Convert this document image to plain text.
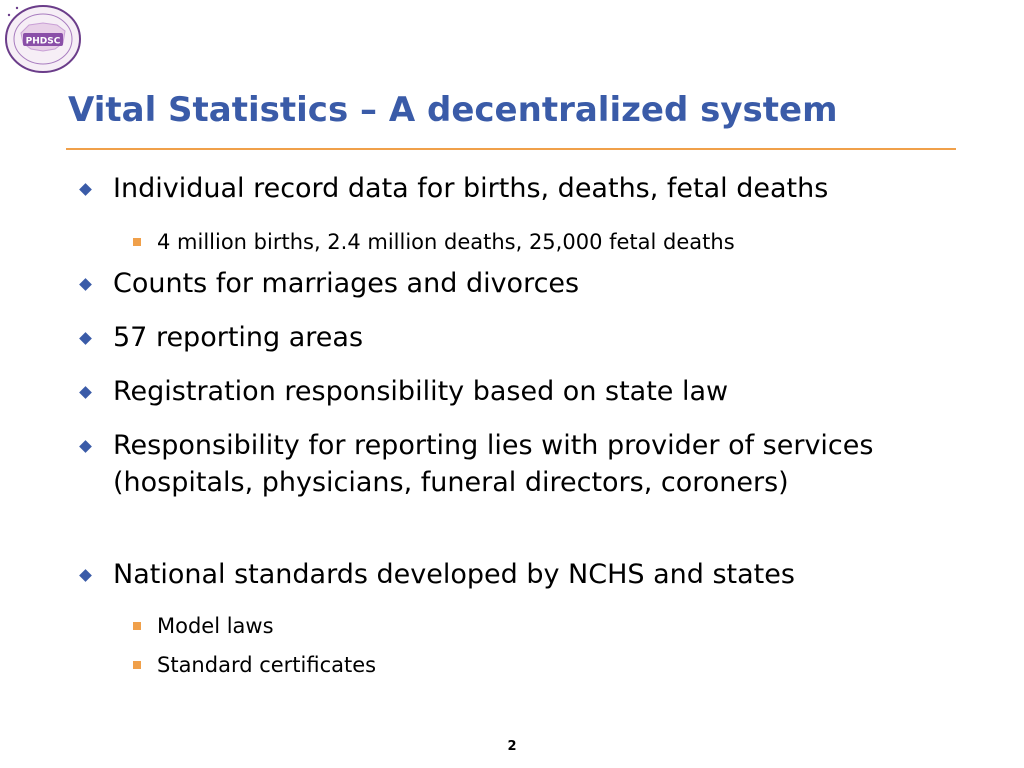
PHDSC
Vital Statistics – A decentralized system

Individual record data for births, deaths, fetal deaths

4 million births, 2.4 million deaths, 25,000 fetal deaths

Counts for marriages and divorces

57 reporting areas

Registration responsibility based on state law

Responsibility for reporting lies with provider of services (hospitals, physicians, funeral directors, coroners)

National standards developed by NCHS and states

Model laws

Standard certificates

2
